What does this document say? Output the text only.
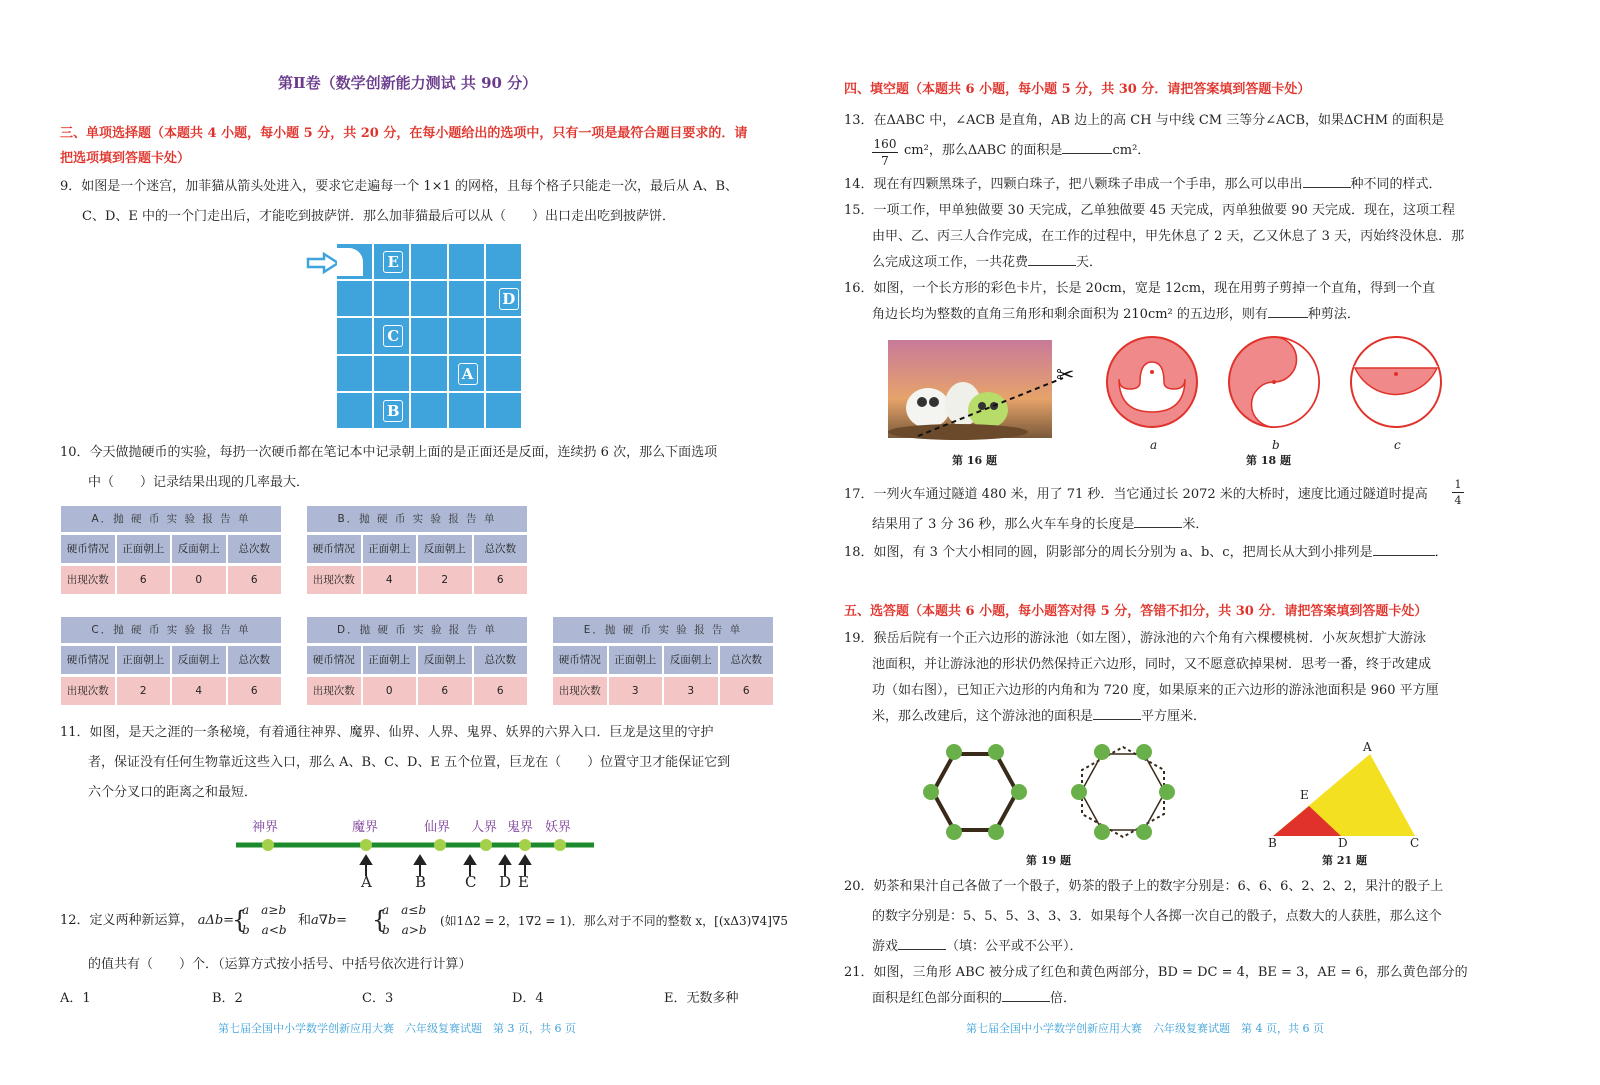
第Ⅱ卷（数学创新能力测试 共 90 分）
三、单项选择题（本题共 4 小题，每小题 5 分，共 20 分，在每小题给出的选项中，只有一项是最符合题目要求的．请
把选项填到答题卡处）
9．如图是一个迷宫，加菲猫从箭头处进入，要求它走遍每一个 1×1 的网格，且每个格子只能走一次，最后从 A、B、
C、D、E 中的一个门走出后，才能吃到披萨饼．那么加菲猫最后可以从（　　）出口走出吃到披萨饼．
E
D
C
A
B
10．今天做抛硬币的实验，每扔一次硬币都在笔记本中记录朝上面的是正面还是反面，连续扔 6 次，那么下面选项
中（　　）记录结果出现的几率最大．
A．抛 硬 币 实 验 报 告 单
硬币情况	正面朝上	反面朝上	总次数
出现次数	6	0	6
B．抛 硬 币 实 验 报 告 单
硬币情况	正面朝上	反面朝上	总次数
出现次数	4	2	6
C．抛 硬 币 实 验 报 告 单
硬币情况	正面朝上	反面朝上	总次数
出现次数	2	4	6
D．抛 硬 币 实 验 报 告 单
硬币情况	正面朝上	反面朝上	总次数
出现次数	0	6	6
E．抛 硬 币 实 验 报 告 单
硬币情况	正面朝上	反面朝上	总次数
出现次数	3	3	6
11．如图，是天之涯的一条秘境，有着通往神界、魔界、仙界、人界、鬼界、妖界的六界入口．巨龙是这里的守护
者，保证没有任何生物靠近这些入口，那么 A、B、C、D、E 五个位置，巨龙在（　　）位置守卫才能保证它到
六个分叉口的距离之和最短．
神界	魔界	仙界 人界 鬼界 妖界
A	B	C D E
12．定义两种新运算， aΔb=
{
a　a≥b
b　a<b
和a∇b= {
a　a≤b
b　a>b
(如1Δ2 = 2，1∇2 = 1)．那么对于不同的整数 x，[(xΔ3)∇4]∇5
的值共有（　　）个．（运算方式按小括号、中括号依次进行计算）
A．1	B．2	C．3	D．4	E．无数多种
第七届全国中小学数学创新应用大赛　六年级复赛试题　第 3 页，共 6 页
四、填空题（本题共 6 小题，每小题 5 分，共 30 分．请把答案填到答题卡处）
13．在ΔABC 中，∠ACB 是直角，AB 边上的高 CH 与中线 CM 三等分∠ACB，如果ΔCHM 的面积是
$\frac{160}{7} cm^2$，那么ΔABC 的面积是	cm²．
14．现在有四颗黑珠子，四颗白珠子，把八颗珠子串成一个手串，那么可以串出	种不同的样式．
15．一项工作，甲单独做要 30 天完成，乙单独做要 45 天完成，丙单独做要 90 天完成．现在，这项工程
由甲、乙、丙三人合作完成，在工作的过程中，甲先休息了 2 天，乙又休息了 3 天，丙始终没休息．那
么完成这项工作，一共花费	天．
16．如图，一个长方形的彩色卡片，长是 20cm，宽是 12cm，现在用剪子剪掉一个直角，得到一个直
角边长均为整数的直角三角形和剩余面积为 210cm² 的五边形，则有	种剪法．
✂
第 16 题
a	b	c
第 18 题
17．一列火车通过隧道 480 米，用了 71 秒．当它通过长 2072 米的大桥时，速度比通过隧道时提高 $\frac{1}{4}$
结果用了 3 分 36 秒，那么火车车身的长度是	米．
18．如图，有 3 个大小相同的圆，阴影部分的周长分别为 a、b、c，把周长从大到小排列是	．
五、选答题（本题共 6 小题，每小题答对得 5 分，答错不扣分，共 30 分．请把答案填到答题卡处）
19．猴岳后院有一个正六边形的游泳池（如左图），游泳池的六个角有六棵樱桃树．小灰灰想扩大游泳
池面积，并让游泳池的形状仍然保持正六边形，同时，又不愿意砍掉果树．思考一番，终于改建成
功（如右图），已知正六边形的内角和为 720 度，如果原来的正六边形的游泳池面积是 960 平方厘
米，那么改建后，这个游泳池的面积是	平方厘米．
第 19 题
A
E
B	D	C
第 21 题
20．奶茶和果汁自己各做了一个骰子，奶茶的骰子上的数字分别是：6、6、6、2、2、2，果汁的骰子上
的数字分别是：5、5、5、3、3、3．如果每个人各掷一次自己的骰子，点数大的人获胜，那么这个
游戏	（填：公平或不公平）．
21．如图，三角形 ABC 被分成了红色和黄色两部分，BD = DC = 4，BE = 3，AE = 6，那么黄色部分的
面积是红色部分面积的	倍．
第七届全国中小学数学创新应用大赛　六年级复赛试题　第 4 页，共 6 页
